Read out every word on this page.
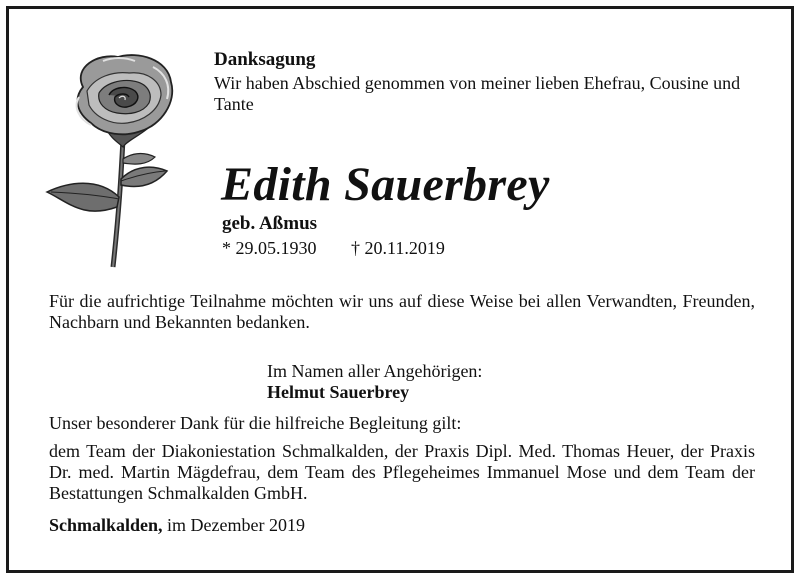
Danksagung
Wir haben Abschied genommen von meiner lieben Ehefrau, Cousine und Tante
Edith Sauerbrey
geb. Aßmus
* 29.05.1930 † 20.11.2019
Für die aufrichtige Teilnahme möchten wir uns auf diese Weise bei allen Verwandten, Freunden, Nachbarn und Bekannten bedanken.
Im Namen aller Angehörigen:
Helmut Sauerbrey
Unser besonderer Dank für die hilfreiche Begleitung gilt:
dem Team der Diakoniestation Schmalkalden, der Praxis Dipl. Med. Thomas Heuer, der Praxis Dr. med. Martin Mägdefrau, dem Team des Pflegeheimes Immanuel Mose und dem Team der Bestattungen Schmalkalden GmbH.
Schmalkalden, im Dezember 2019
